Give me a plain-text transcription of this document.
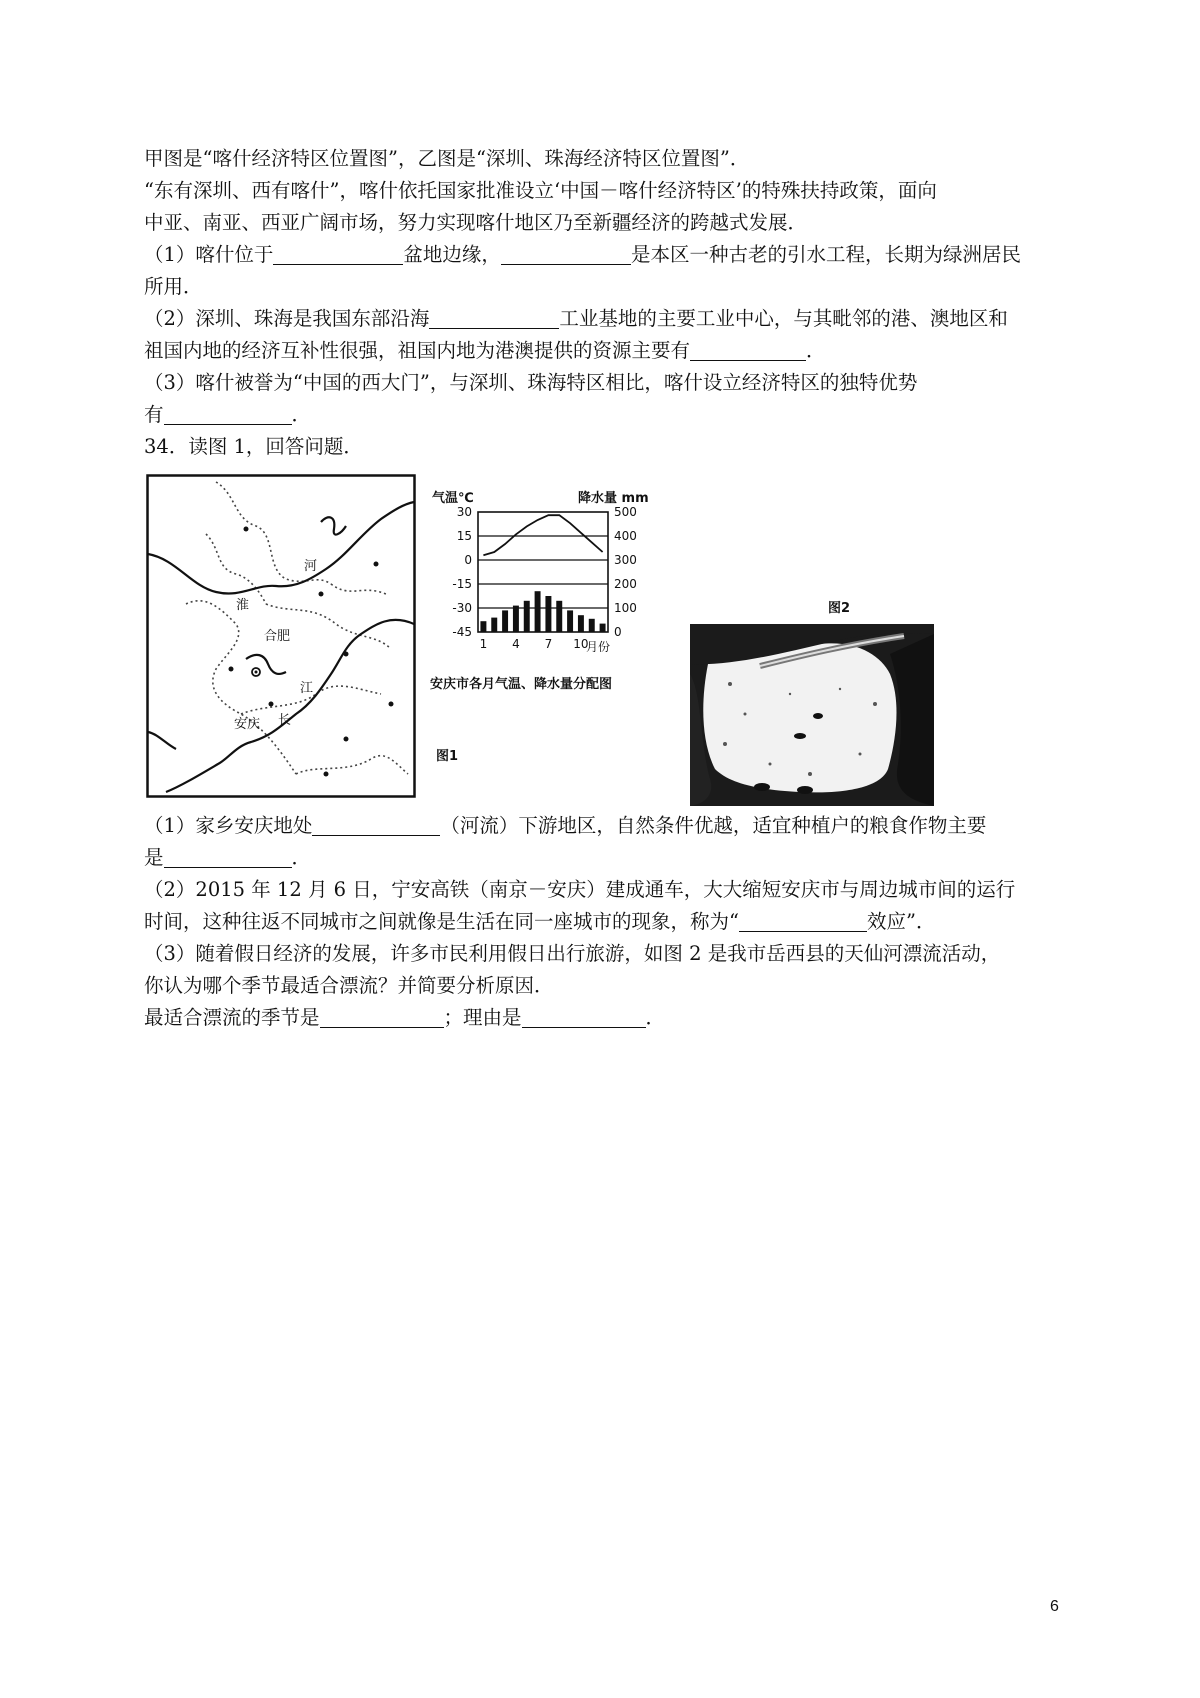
甲图是“喀什经济特区位置图”，乙图是“深圳、珠海经济特区位置图”．
“东有深圳、西有喀什”，喀什依托国家批准设立‘中国－喀什经济特区’的特殊扶持政策，面向
中亚、南亚、西亚广阔市场，努力实现喀什地区乃至新疆经济的跨越式发展．
（1）喀什位于	盆地边缘，	是本区一种古老的引水工程，长期为绿洲居民
所用．
（2）深圳、珠海是我国东部沿海	工业基地的主要工业中心，与其毗邻的港、澳地区和
祖国内地的经济互补性很强，祖国内地为港澳提供的资源主要有	．
（3）喀什被誉为“中国的西大门”，与深圳、珠海特区相比，喀什设立经济特区的独特优势
有	．
34．读图 1，回答问题．
合肥
安庆
淮
河
长
江
气温℃	降水量 mm
30
15
0
-15
-30
-45
500
400
300
200
100
0
1 4 7 10
月份
安庆市各月气温、降水量分配图
图1
图2
（1）家乡安庆地处	（河流）下游地区，自然条件优越，适宜种植户的粮食作物主要
是	．
（2）2015 年 12 月 6 日，宁安高铁（南京－安庆）建成通车，大大缩短安庆市与周边城市间的运行
时间，这种往返不同城市之间就像是生活在同一座城市的现象，称为“	效应”．
（3）随着假日经济的发展，许多市民利用假日出行旅游，如图 2 是我市岳西县的天仙河漂流活动，
你认为哪个季节最适合漂流？并简要分析原因．
最适合漂流的季节是	；理由是	．
6
